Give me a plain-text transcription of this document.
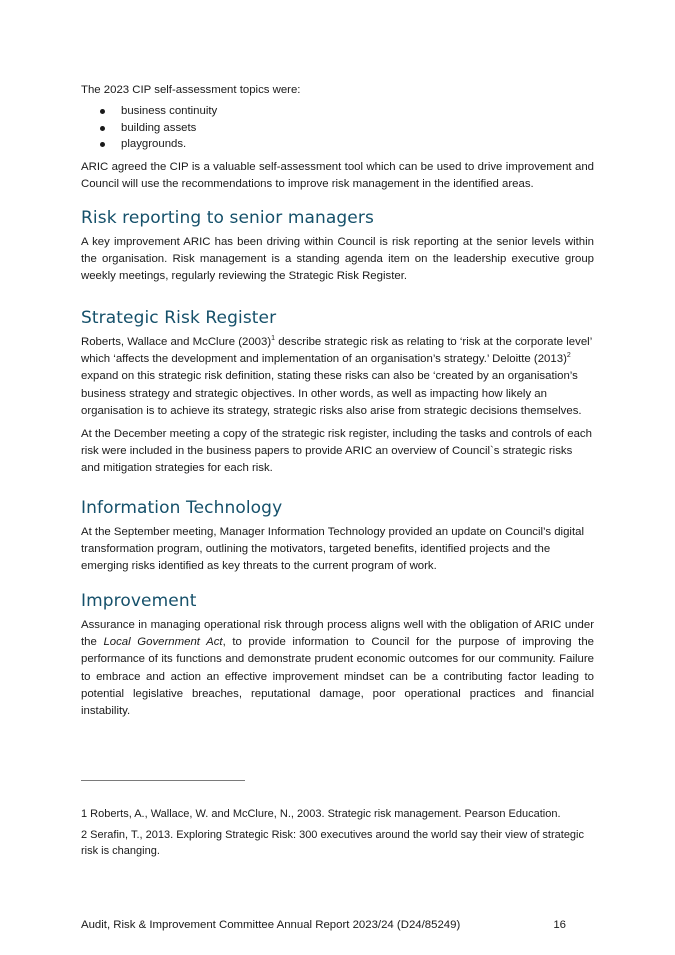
The 2023 CIP self-assessment topics were:

business continuity
building assets
playgrounds.

ARIC agreed the CIP is a valuable self-assessment tool which can be used to drive improvement and Council will use the recommendations to improve risk management in the identified areas.

Risk reporting to senior managers

A key improvement ARIC has been driving within Council is risk reporting at the senior levels within the organisation. Risk management is a standing agenda item on the leadership executive group weekly meetings, regularly reviewing the Strategic Risk Register.

Strategic Risk Register

Roberts, Wallace and McClure $(2003)^1$ describe strategic risk as relating to ‘risk at the corporate level’ which ‘affects the development and implementation of an organisation’s strategy.’ Deloitte $(2013)^2$ expand on this strategic risk definition, stating these risks can also be ‘created by an organisation’s business strategy and strategic objectives. In other words, as well as impacting how likely an organisation is to achieve its strategy, strategic risks also arise from strategic decisions themselves.

At the December meeting a copy of the strategic risk register, including the tasks and controls of each risk were included in the business papers to provide ARIC an overview of Council`s strategic risks and mitigation strategies for each risk.

Information Technology

At the September meeting, Manager Information Technology provided an update on Council’s digital transformation program, outlining the motivators, targeted benefits, identified projects and the emerging risks identified as key threats to the current program of work.

Improvement

Assurance in managing operational risk through process aligns well with the obligation of ARIC under the Local Government Act, to provide information to Council for the purpose of improving the performance of its functions and demonstrate prudent economic outcomes for our community. Failure to embrace and action an effective improvement mindset can be a contributing factor leading to potential legislative breaches, reputational damage, poor operational practices and financial instability.

1 Roberts, A., Wallace, W. and McClure, N., 2003. Strategic risk management. Pearson Education.

2 Serafin, T., 2013. Exploring Strategic Risk: 300 executives around the world say their view of strategic risk is changing.

Audit, Risk & Improvement Committee Annual Report 2023/24 (D24/85249)	16
